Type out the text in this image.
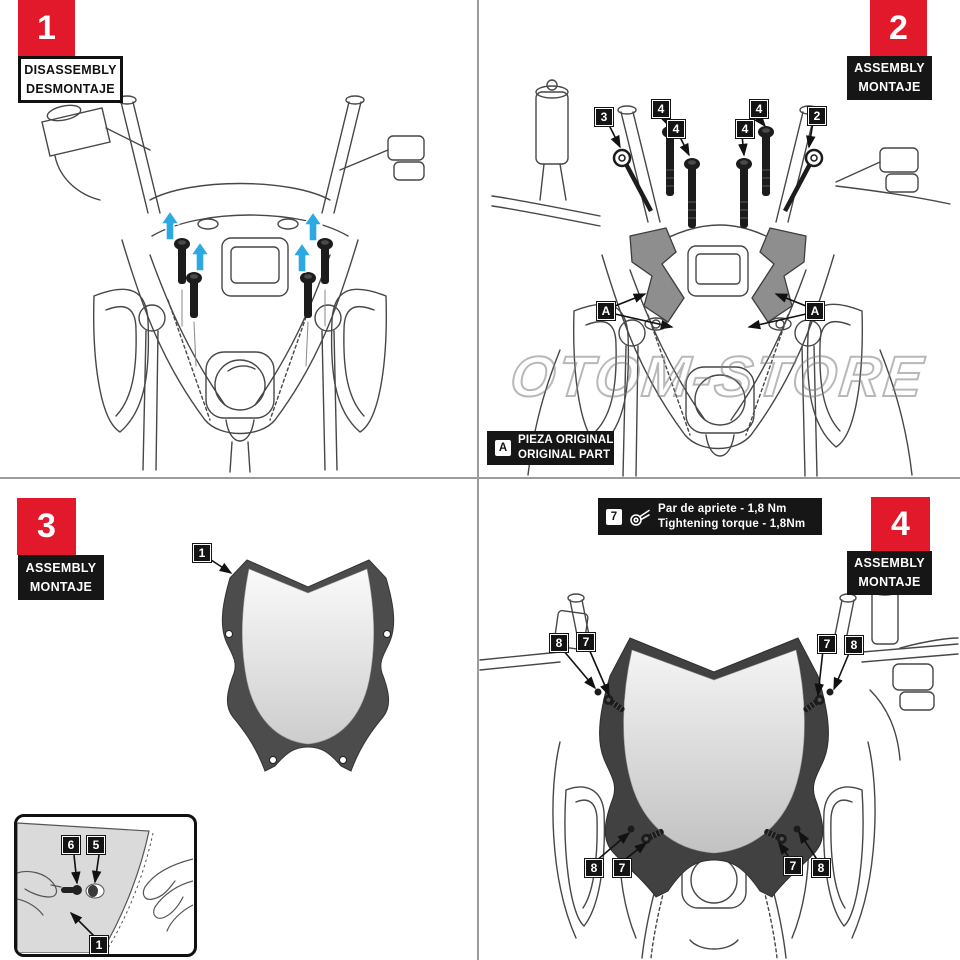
OTOM-STORE
1
DISASSEMBLY
DESMONTAJE
2
ASSEMBLY
MONTAJE
3
ASSEMBLY
MONTAJE
4
ASSEMBLY
MONTAJE
A
PIEZA ORIGINAL
ORIGINAL PART
7
Par de apriete - 1,8 Nm
Tightening torque - 1,8Nm
3
4
4
4
4
2
A	A
1
6	5
1
8	7	7	8
8	7	7	8
